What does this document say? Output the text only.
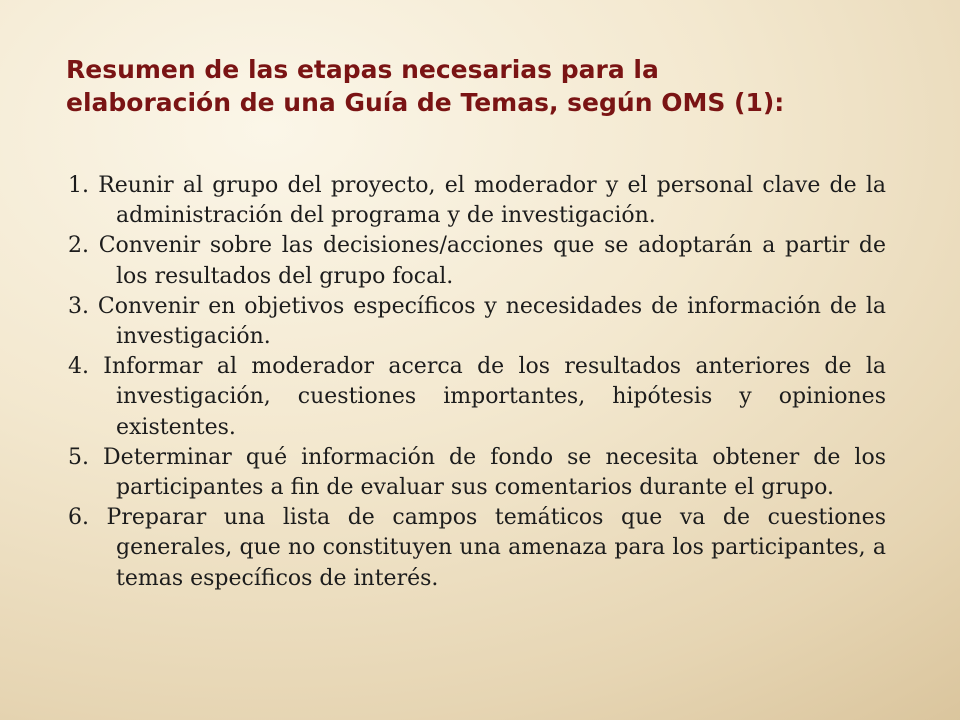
Resumen de las etapas necesarias para la
elaboración de una Guía de Temas, según OMS (1):
1. Reunir al grupo del proyecto, el moderador y el personal clave de la administración del programa y de investigación.
2. Convenir sobre las decisiones/acciones que se adoptarán a partir de los resultados del grupo focal.
3. Convenir en objetivos específicos y necesidades de información de la investigación.
4. Informar al moderador acerca de los resultados anteriores de la investigación, cuestiones importantes, hipótesis y opiniones existentes.
5. Determinar qué información de fondo se necesita obtener de los participantes a fin de evaluar sus comentarios durante el grupo.
6. Preparar una lista de campos temáticos que va de cuestiones generales, que no constituyen una amenaza para los participantes, a temas específicos de interés.
